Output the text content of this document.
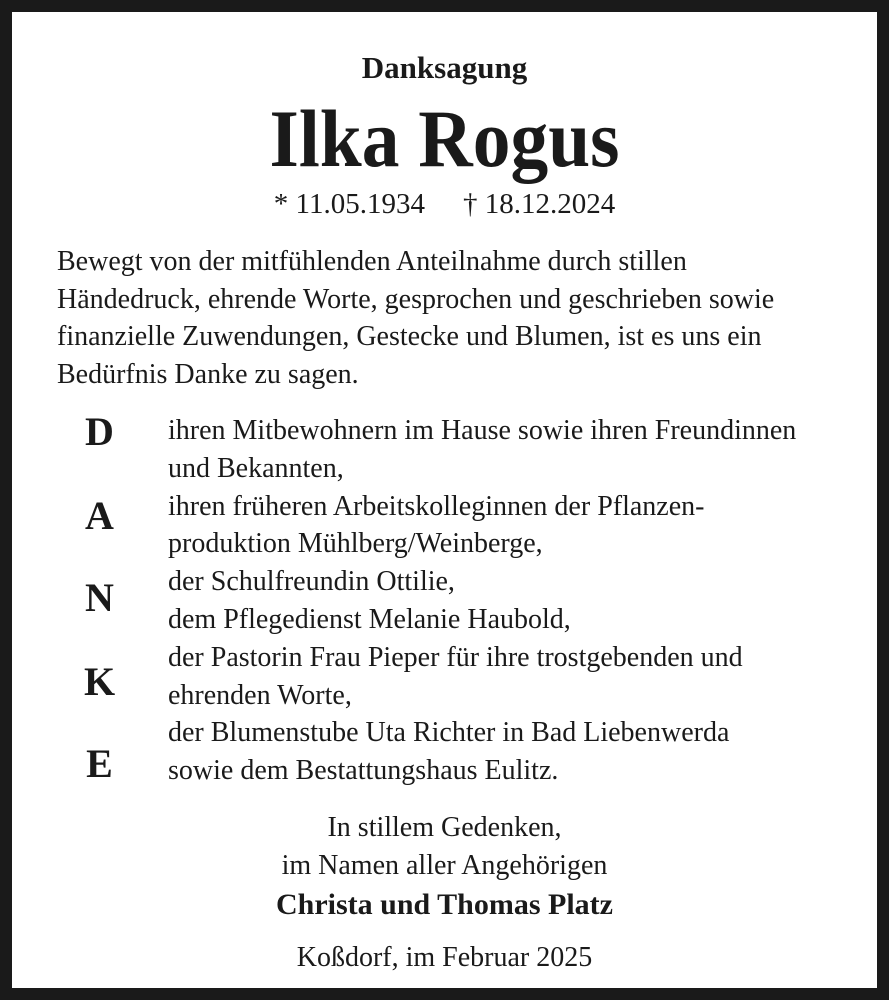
Danksagung
Ilka Rogus
* 11.05.1934 † 18.12.2024
Bewegt von der mitfühlenden Anteilnahme durch stillen
Händedruck, ehrende Worte, gesprochen und geschrieben sowie
finanzielle Zuwendungen, Gestecke und Blumen, ist es uns ein
Bedürfnis Danke zu sagen.
D
A
N
K
E
ihren Mitbewohnern im Hause sowie ihren Freundinnen
und Bekannten,
ihren früheren Arbeitskolleginnen der Pflanzen-
produktion Mühlberg/Weinberge,
der Schulfreundin Ottilie,
dem Pflegedienst Melanie Haubold,
der Pastorin Frau Pieper für ihre trostgebenden und
ehrenden Worte,
der Blumenstube Uta Richter in Bad Liebenwerda
sowie dem Bestattungshaus Eulitz.
In stillem Gedenken,
im Namen aller Angehörigen
Christa und Thomas Platz
Koßdorf, im Februar 2025
